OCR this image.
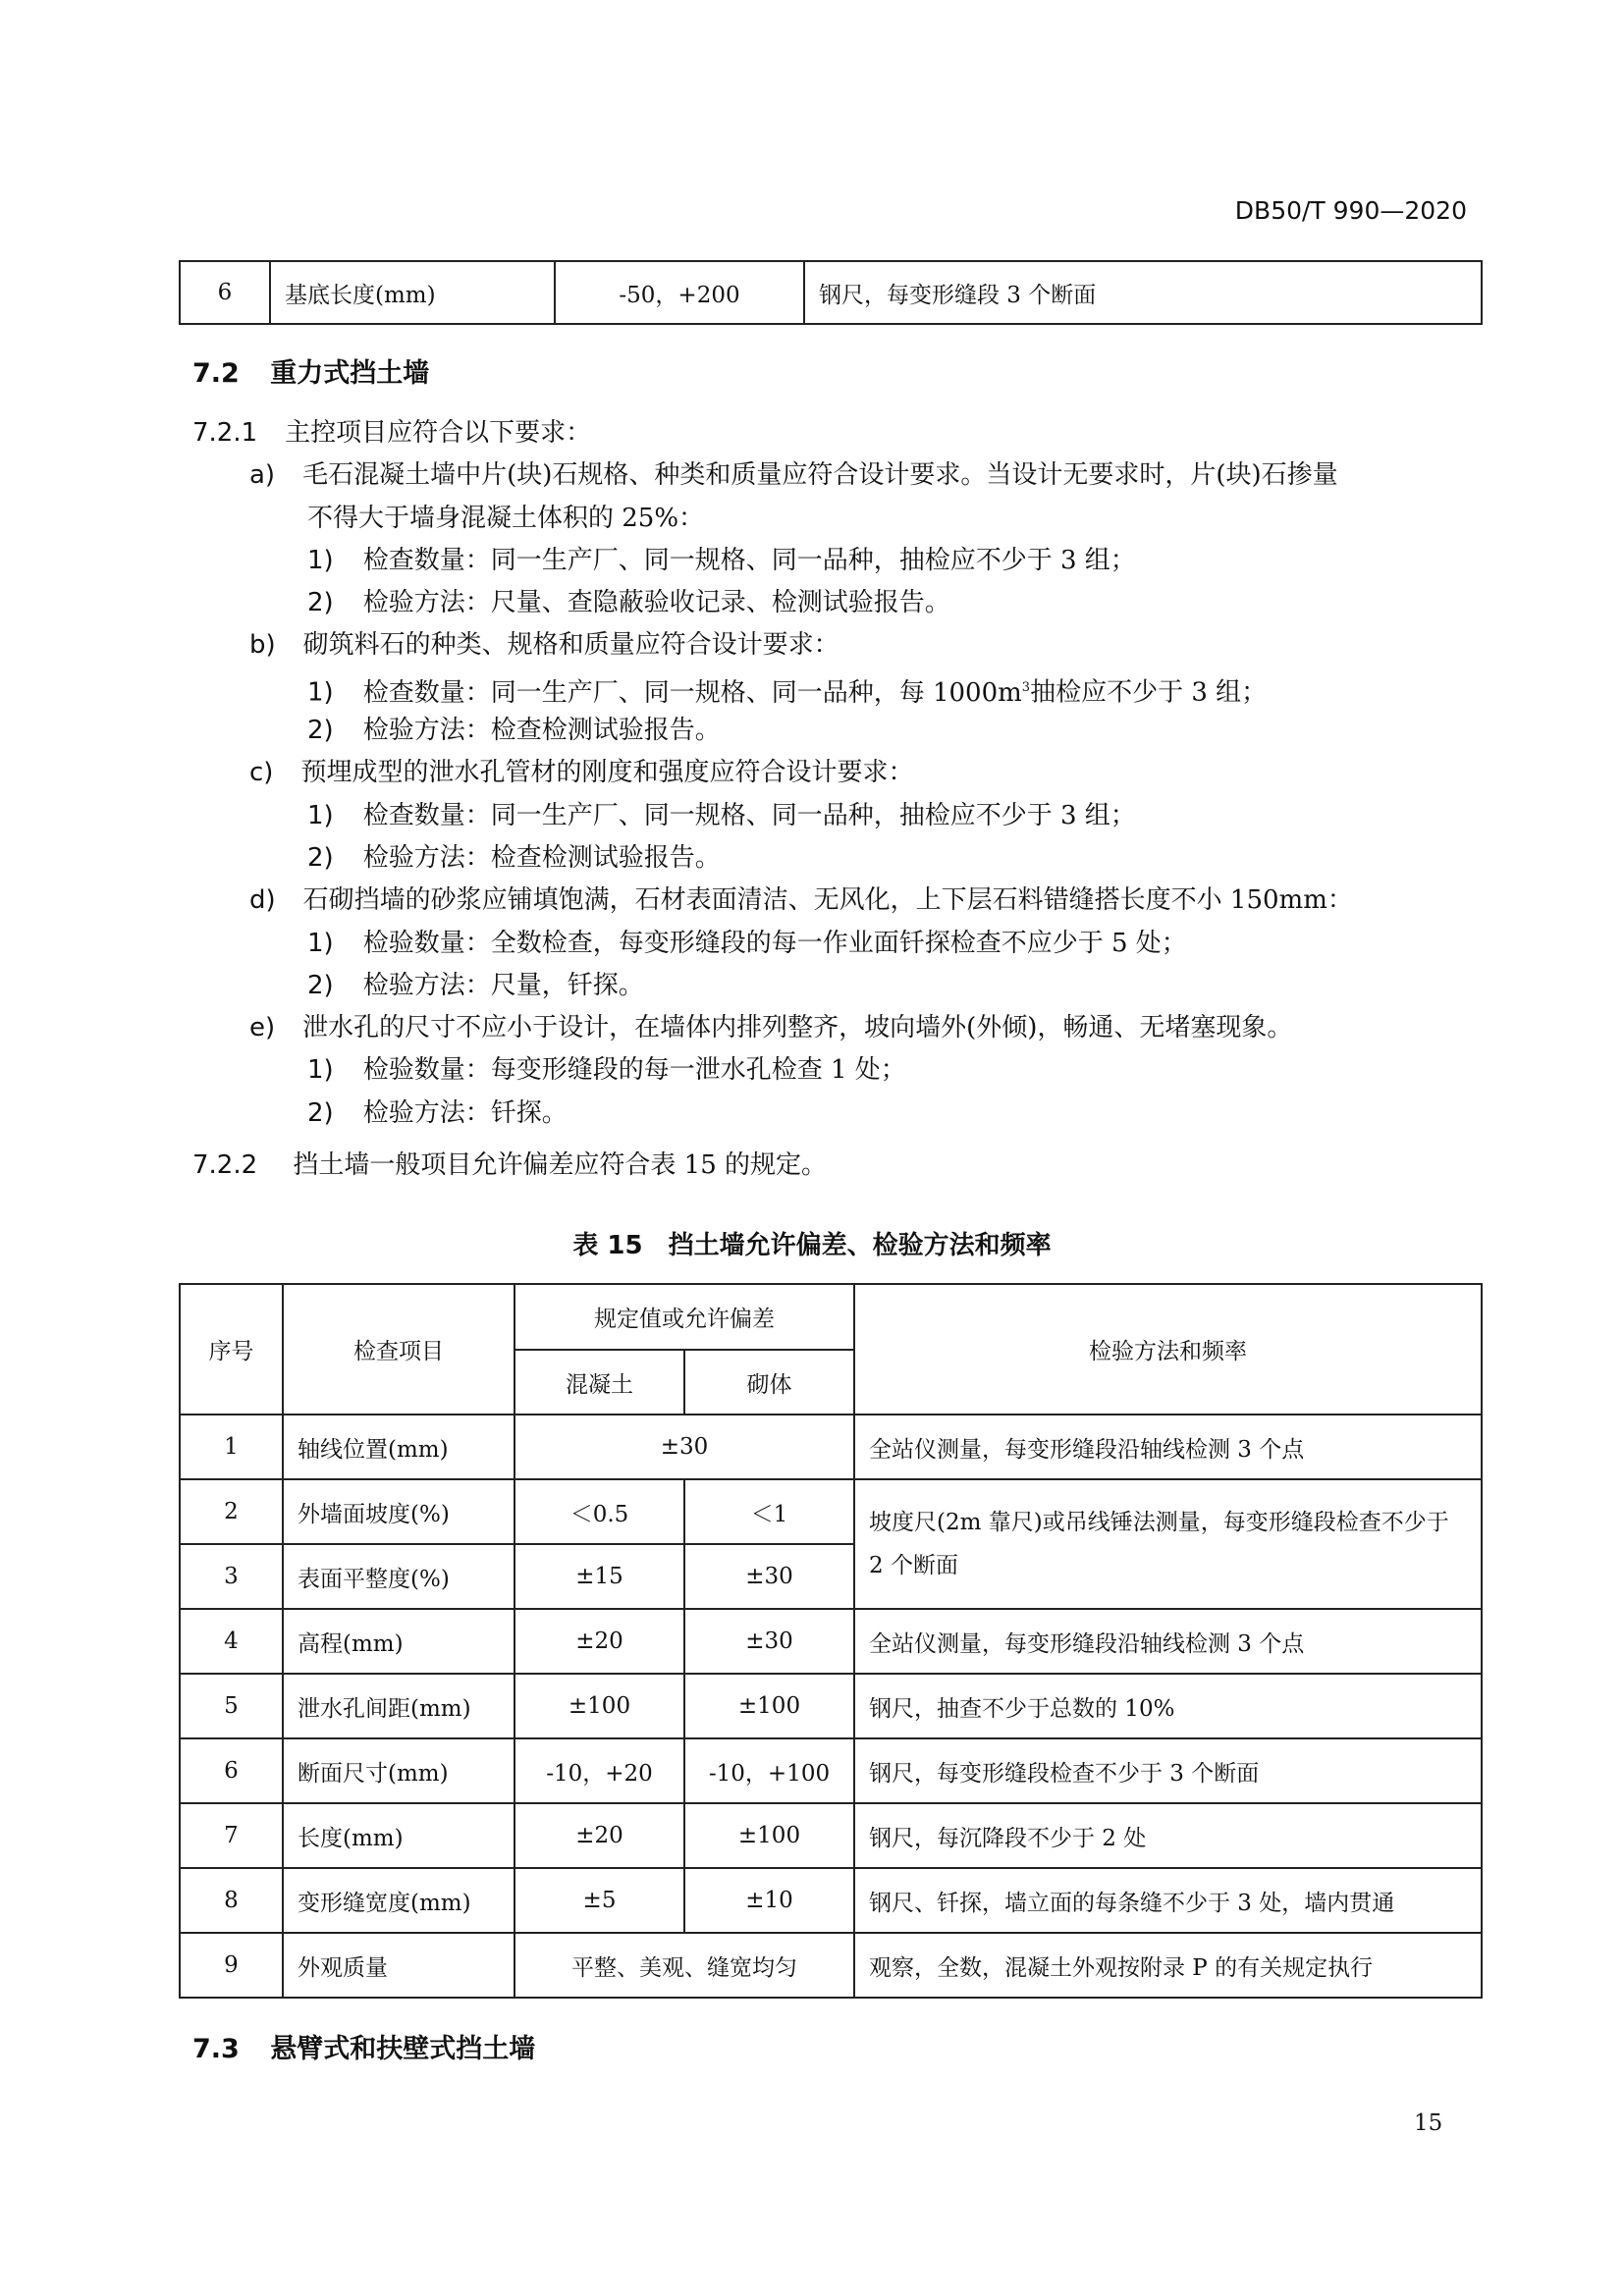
DB50/T 990—2020
6	基底长度(mm)	-50，+200	钢尺，每变形缝段 3 个断面
7.2 重力式挡土墙
7.2.1 主控项目应符合以下要求：
a) 毛石混凝土墙中片(块)石规格、种类和质量应符合设计要求。当设计无要求时，片(块)石掺量
不得大于墙身混凝土体积的 25%：
1) 检查数量：同一生产厂、同一规格、同一品种，抽检应不少于 3 组；
2) 检验方法：尺量、查隐蔽验收记录、检测试验报告。
b) 砌筑料石的种类、规格和质量应符合设计要求：
1) 检查数量：同一生产厂、同一规格、同一品种，每 $1000m^3$抽检应不少于 3 组；
2) 检验方法：检查检测试验报告。
c) 预埋成型的泄水孔管材的刚度和强度应符合设计要求：
1) 检查数量：同一生产厂、同一规格、同一品种，抽检应不少于 3 组；
2) 检验方法：检查检测试验报告。
d) 石砌挡墙的砂浆应铺填饱满，石材表面清洁、无风化，上下层石料错缝搭长度不小 150mm：
1) 检验数量：全数检查，每变形缝段的每一作业面钎探检查不应少于 5 处；
2) 检验方法：尺量，钎探。
e) 泄水孔的尺寸不应小于设计，在墙体内排列整齐，坡向墙外(外倾)，畅通、无堵塞现象。
1) 检验数量：每变形缝段的每一泄水孔检查 1 处；
2) 检验方法：钎探。
7.2.2 挡土墙一般项目允许偏差应符合表 15 的规定。
表 15　挡土墙允许偏差、检验方法和频率
序号	检查项目	规定值或允许偏差		检验方法和频率
		混凝土	砌体	
1	轴线位置(mm)	±30		全站仪测量，每变形缝段沿轴线检测 3 个点
2	外墙面坡度(%)	＜0.5	＜1	坡度尺(2m 靠尺)或吊线锤法测量，每变形缝段检查不少于 2 个断面
3	表面平整度(%)	±15	±30	
4	高程(mm)	±20	±30	全站仪测量，每变形缝段沿轴线检测 3 个点
5	泄水孔间距(mm)	±100	±100	钢尺，抽查不少于总数的 10%
6	断面尺寸(mm)	-10，+20	-10，+100	钢尺，每变形缝段检查不少于 3 个断面
7	长度(mm)	±20	±100	钢尺，每沉降段不少于 2 处
8	变形缝宽度(mm)	±5	±10	钢尺、钎探，墙立面的每条缝不少于 3 处，墙内贯通
9	外观质量	平整、美观、缝宽均匀		观察，全数，混凝土外观按附录 P 的有关规定执行
7.3 悬臂式和扶壁式挡土墙
15
